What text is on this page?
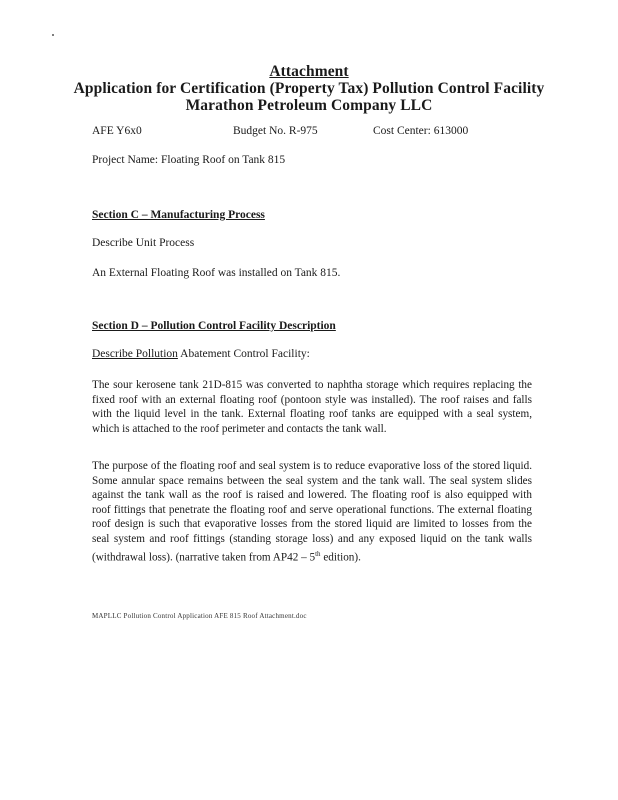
Attachment
Application for Certification (Property Tax) Pollution Control Facility
Marathon Petroleum Company LLC
AFE Y6x0	Budget No. R-975	Cost Center: 613000
Project Name: Floating Roof on Tank 815
Section C – Manufacturing Process
Describe Unit Process
An External Floating Roof was installed on Tank 815.
Section D – Pollution Control Facility Description
Describe Pollution Abatement Control Facility:
The sour kerosene tank 21D-815 was converted to naphtha storage which requires replacing the fixed roof with an external floating roof (pontoon style was installed). The roof raises and falls with the liquid level in the tank. External floating roof tanks are equipped with a seal system, which is attached to the roof perimeter and contacts the tank wall.
The purpose of the floating roof and seal system is to reduce evaporative loss of the stored liquid. Some annular space remains between the seal system and the tank wall. The seal system slides against the tank wall as the roof is raised and lowered. The floating roof is also equipped with roof fittings that penetrate the floating roof and serve operational functions. The external floating roof design is such that evaporative losses from the stored liquid are limited to losses from the seal system and roof fittings (standing storage loss) and any exposed liquid on the tank walls (withdrawal loss). (narrative taken from AP42 – 5th edition).
MAPLLC Pollution Control Application AFE 815 Roof Attachment.doc
